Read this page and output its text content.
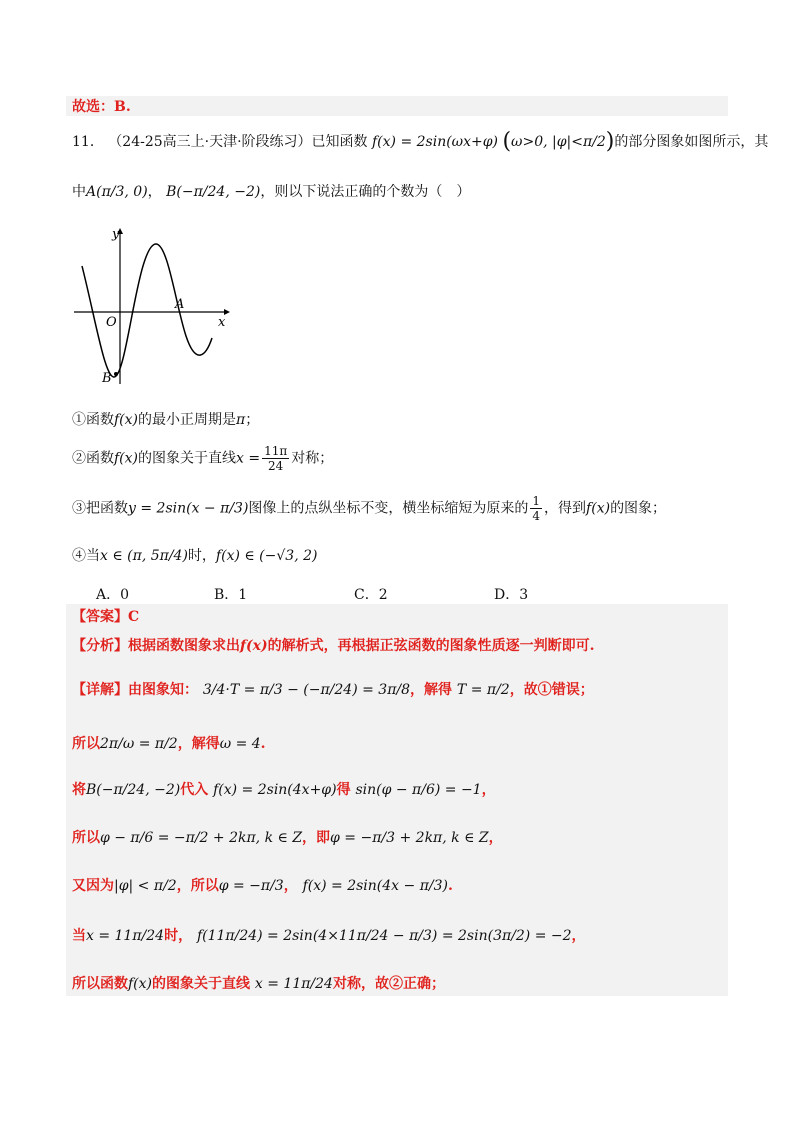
故选：B.
11． （24-25高三上·天津·阶段练习）已知函数 f(x) = 2sin(ωx+φ) (ω>0, |φ|<π/2)的部分图象如图所示，其
中A(π/3, 0)， B(−π/24, −2)，则以下说法正确的个数为（　）
y
x
O
A
B
①函数f(x)的最小正周期是π；
②函数f(x)的图象关于直线$x = \frac{11\pi}{24}$ 对称；
③把函数y = 2sin(x − π/3)图像上的点纵坐标不变，横坐标缩短为原来的 $\frac{1}{4}$ ，得到f(x)的图象；
④当x ∈ (π, 5π/4)时，f(x) ∈ (−√3, 2)
A．0	B．1	C．2	D．3
【答案】C
【分析】根据函数图象求出f(x)的解析式，再根据正弦函数的图象性质逐一判断即可.
【详解】由图象知： 3/4·T = π/3 − (−π/24) = 3π/8，解得 T = π/2，故①错误；
所以2π/ω = π/2，解得ω = 4.
将B(−π/24, −2)代入 f(x) = 2sin(4x+φ)得 sin(φ − π/6) = −1，
所以φ − π/6 = −π/2 + 2kπ, k ∈ Z，即φ = −π/3 + 2kπ, k ∈ Z，
又因为|φ| < π/2，所以φ = −π/3， f(x) = 2sin(4x − π/3).
当x = 11π/24时， f(11π/24) = 2sin(4×11π/24 − π/3) = 2sin(3π/2) = −2，
所以函数f(x)的图象关于直线 x = 11π/24对称，故②正确；
